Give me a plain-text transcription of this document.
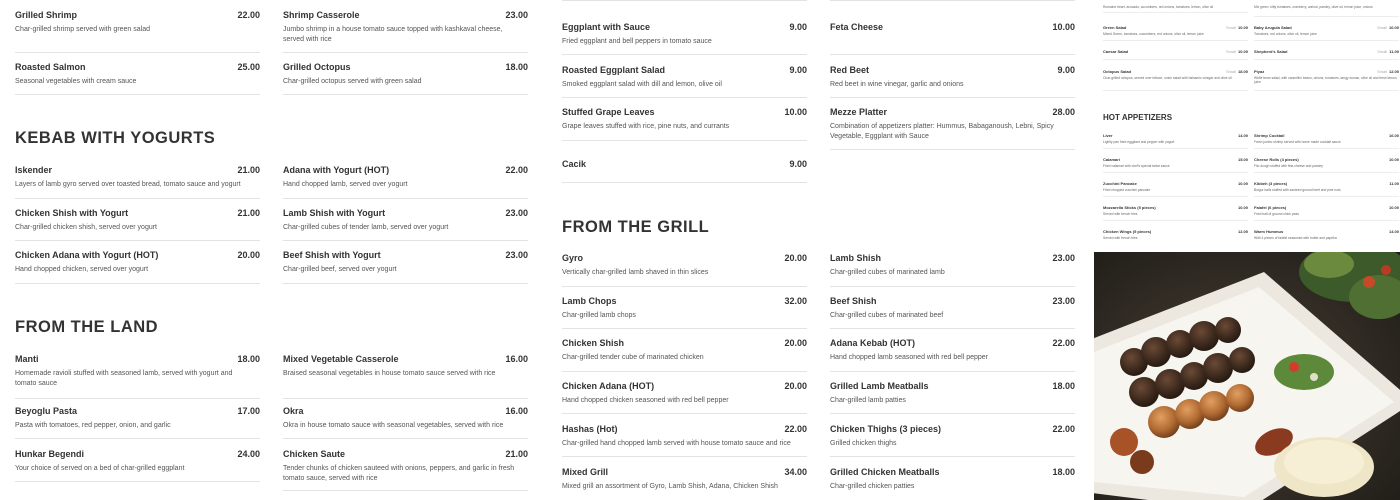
Grilled Shrimp	22.00
Char-grilled shrimp served with green salad
Roasted Salmon	25.00
Seasonal vegetables with cream sauce
KEBAB WITH YOGURTS
Iskender	21.00
Layers of lamb gyro served over toasted bread, tomato sauce and yogurt
Chicken Shish with Yogurt	21.00
Char-grilled chicken shish, served over yogurt
Chicken Adana with Yogurt (HOT)	20.00
Hand chopped chicken, served over yogurt
FROM THE LAND
Manti	18.00
Homemade ravioli stuffed with seasoned lamb, served with yogurt and tomato sauce
Beyoglu Pasta	17.00
Pasta with tomatoes, red pepper, onion, and garlic
Hunkar Begendi	24.00
Your choice of served on a bed of char-grilled eggplant
Shrimp Casserole	23.00
Jumbo shrimp in a house tomato sauce topped with kashkaval cheese, served with rice
Grilled Octopus	18.00
Char-grilled octopus served with green salad
Adana with Yogurt (HOT)	22.00
Hand chopped lamb, served over yogurt
Lamb Shish with Yogurt	23.00
Char-grilled cubes of tender lamb, served over yogurt
Beef Shish with Yogurt	23.00
Char-grilled beef, served over yogurt
Mixed Vegetable Casserole	16.00
Braised seasonal vegetables in house tomato sauce served with rice
Okra	16.00
Okra in house tomato sauce with seasonal vegetables, served with rice
Chicken Saute	21.00
Tender chunks of chicken sauteed with onions, peppers, and garlic in fresh tomato sauce, served with rice
Eggplant with Sauce	9.00
Fried eggplant and bell peppers in tomato sauce
Roasted Eggplant Salad	9.00
Smoked eggplant salad with dill and lemon, olive oil
Stuffed Grape Leaves	10.00
Grape leaves stuffed with rice, pine nuts, and currants
Cacik	9.00
FROM THE GRILL
Gyro	20.00
Vertically char-grilled lamb shaved in thin slices
Lamb Chops	32.00
Char-grilled lamb chops
Chicken Shish	20.00
Char-grilled tender cube of marinated chicken
Chicken Adana (HOT)	20.00
Hand chopped chicken seasoned with red bell pepper
Hashas (Hot)	22.00
Char-grilled hand chopped lamb served with house tomato sauce and rice
Mixed Grill	34.00
Mixed grill an assortment of Gyro, Lamb Shish, Adana, Chicken Shish
Feta Cheese	10.00
Red Beet	9.00
Red beet in wine vinegar, garlic and onions
Mezze Platter	28.00
Combination of appetizers platter: Hummus, Babaganoush, Lebni, Spicy Vegetable, Eggplant with Sauce
Lamb Shish	23.00
Char-grilled cubes of marinated lamb
Beef Shish	23.00
Char-grilled cubes of marinated beef
Adana Kebab (HOT)	22.00
Hand chopped lamb seasoned with red bell pepper
Grilled Lamb Meatballs	18.00
Char-grilled lamb patties
Chicken Thighs (3 pieces)	22.00
Grilled chicken thighs
Grilled Chicken Meatballs	18.00
Char-grilled chicken patties
Romaine heart, avocado, cucumbers, red onions, tomatoes, lemon, olive oil	Mix green, kitty tomatoes, cranberry, walnut, parsley, olive oil, lemon juice, onions
Green Salad	Small 10.00
Mixed Green, tomatoes, cucumbers, red onions, olive oil, lemon juice
Caesar Salad	Small 10.00
Octopus Salad	Small 18.00
Char-grilled octopus, served over lettuce, onion salad with balsamic vinegar and olive oil
Baby Arugula Salad	Small 10.00
Tomatoes, red onions, olive oil, lemon juice
Shepherd's Salad	Small 11.00
Piyaz	Small 12.00
White bean salad, with cannellini beans, onions, tomatoes, tangy sumac, olive oil and fresh lemon juice
HOT APPETIZERS
Liver	14.00
Lightly pan fried eggplant and pepper with yogurt
Calamari	15.00
Fried calamari with chef's special tartar sauce
Zucchini Pancake	10.00
Fried chopped zucchini pancake
Mozzarella Sticks (5 pieces)	10.00
Served with french fries
Chicken Wings (5 pieces)	12.00
Served with french fries
Shrimp Cocktail	16.00
Fresh jumbo shrimp served with home made cocktail sauce
Cheese Rolls (4 pieces)	10.00
Filo dough stuffed with feta cheese and parsley
Kibbeh (3 pieces)	11.00
Bulgur balls stuffed with sauteed ground beef and pine nuts
Falafel (6 pieces)	10.00
Fried ball of ground chick peas
Warm Hummus	14.00
With 4 pieces of falafel seasoned with butter and paprika
